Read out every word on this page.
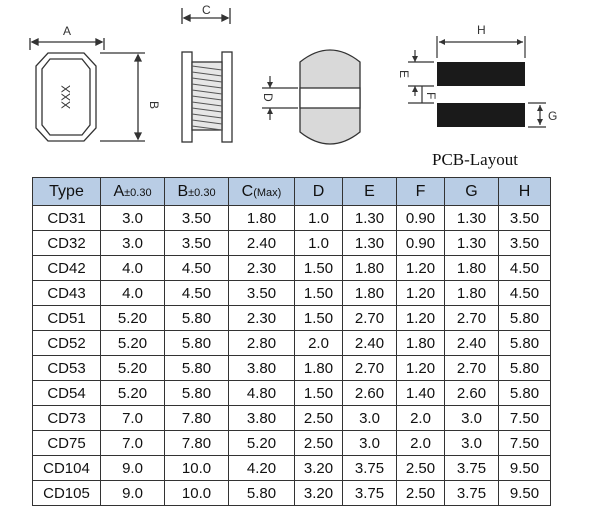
A
B
XXX
C
D
H
E
F
G
PCB-Layout
Type	A±0.30	B±0.30	C(Max)	D	E	F	G	H
CD31	3.0	3.50	1.80	1.0	1.30	0.90	1.30	3.50
CD32	3.0	3.50	2.40	1.0	1.30	0.90	1.30	3.50
CD42	4.0	4.50	2.30	1.50	1.80	1.20	1.80	4.50
CD43	4.0	4.50	3.50	1.50	1.80	1.20	1.80	4.50
CD51	5.20	5.80	2.30	1.50	2.70	1.20	2.70	5.80
CD52	5.20	5.80	2.80	2.0	2.40	1.80	2.40	5.80
CD53	5.20	5.80	3.80	1.80	2.70	1.20	2.70	5.80
CD54	5.20	5.80	4.80	1.50	2.60	1.40	2.60	5.80
CD73	7.0	7.80	3.80	2.50	3.0	2.0	3.0	7.50
CD75	7.0	7.80	5.20	2.50	3.0	2.0	3.0	7.50
CD104	9.0	10.0	4.20	3.20	3.75	2.50	3.75	9.50
CD105	9.0	10.0	5.80	3.20	3.75	2.50	3.75	9.50
